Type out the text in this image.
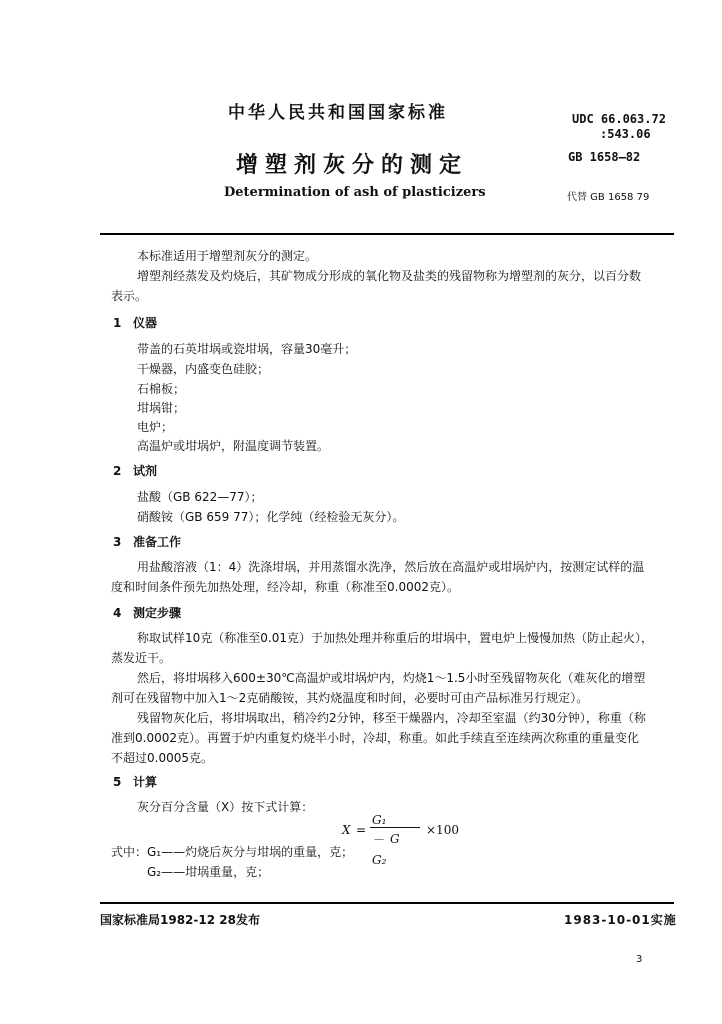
中华人民共和国国家标准	UDC 66.063.72
:543.06
增塑剂灰分的测定	GB 1658—82
Determination of ash of plasticizers	代替 GB 1658 79
本标准适用于增塑剂灰分的测定。
增塑剂经蒸发及灼烧后，其矿物成分形成的氧化物及盐类的残留物称为增塑剂的灰分，以百分数
表示。
1 仪器
带盖的石英坩埚或瓷坩埚，容量30毫升；
干燥器，内盛变色硅胶；
石棉板；
坩埚钳；
电炉；
高温炉或坩埚炉，附温度调节装置。
2 试剂
盐酸（GB 622—77）；
硝酸铵（GB 659 77）；化学纯（经检验无灰分）。
3 准备工作
用盐酸溶液（1：4）洗涤坩埚，并用蒸馏水洗净，然后放在高温炉或坩埚炉内，按测定试样的温
度和时间条件预先加热处理，经冷却，称重（称准至0.0002克）。
4 测定步骤
称取试样10克（称准至0.01克）于加热处理并称重后的坩埚中，置电炉上慢慢加热（防止起火），
蒸发近干。
然后，将坩埚移入600±30℃高温炉或坩埚炉内，灼烧1～1.5小时至残留物灰化（难灰化的增塑
剂可在残留物中加入1～2克硝酸铵，其灼烧温度和时间，必要时可由产品标准另行规定）。
残留物灰化后，将坩埚取出，稍冷约2分钟，移至干燥器内，冷却至室温（约30分钟），称重（称
准到0.0002克）。再置于炉内重复灼烧半小时，冷却，称重。如此手续直至连续两次称重的重量变化
不超过0.0005克。
5 计算
灰分百分含量（X）按下式计算：
X =
G₁－G₂
G
×100
式中：G₁——灼烧后灰分与坩埚的重量，克；
G₂——坩埚重量，克；
国家标准局1982-12 28发布	1983-10-01实施
3
